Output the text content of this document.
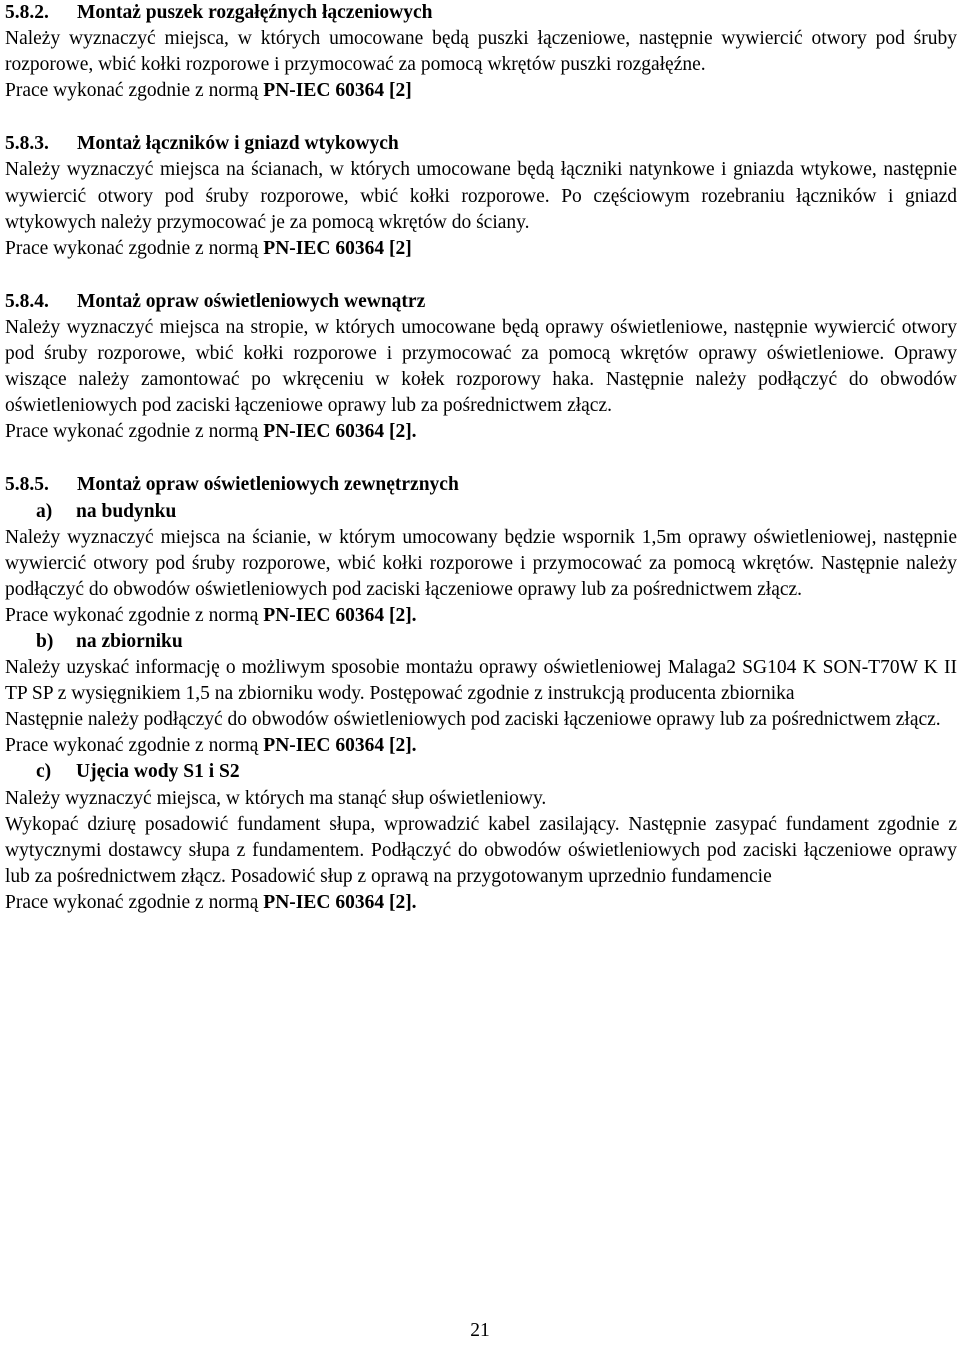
5.8.2. Montaż puszek rozgałęźnych łączeniowych

Należy wyznaczyć miejsca, w których umocowane będą puszki łączeniowe, następnie wywiercić otwory pod śruby rozporowe, wbić kołki rozporowe i przymocować za pomocą wkrętów puszki rozgałęźne.

Prace wykonać zgodnie z normą PN-IEC 60364 [2]
5.8.3. Montaż łączników i gniazd wtykowych

Należy wyznaczyć miejsca na ścianach, w których umocowane będą łączniki natynkowe i gniazda wtykowe, następnie wywiercić otwory pod śruby rozporowe, wbić kołki rozporowe. Po częściowym rozebraniu łączników i gniazd wtykowych należy przymocować je za pomocą wkrętów do ściany.

Prace wykonać zgodnie z normą PN-IEC 60364 [2]
5.8.4. Montaż opraw oświetleniowych wewnątrz

Należy wyznaczyć miejsca na stropie, w których umocowane będą oprawy oświetleniowe, następnie wywiercić otwory pod śruby rozporowe, wbić kołki rozporowe i przymocować za pomocą wkrętów oprawy oświetleniowe. Oprawy wiszące należy zamontować po wkręceniu w kołek rozporowy haka. Następnie należy podłączyć do obwodów oświetleniowych pod zaciski łączeniowe oprawy lub za pośrednictwem złącz.

Prace wykonać zgodnie z normą PN-IEC 60364 [2].
5.8.5. Montaż opraw oświetleniowych zewnętrznych
a) na budynku

Należy wyznaczyć miejsca na ścianie, w którym umocowany będzie wspornik 1,5m oprawy oświetleniowej, następnie wywiercić otwory pod śruby rozporowe, wbić kołki rozporowe i przymocować za pomocą wkrętów. Następnie należy podłączyć do obwodów oświetleniowych pod zaciski łączeniowe oprawy lub za pośrednictwem złącz.

Prace wykonać zgodnie z normą PN-IEC 60364 [2].
b) na zbiorniku

Należy uzyskać informację o możliwym sposobie montażu oprawy oświetleniowej Malaga2 SG104 K SON-T70W K II TP SP z wysięgnikiem 1,5 na zbiorniku wody. Postępować zgodnie z instrukcją producenta zbiornika

Następnie należy podłączyć do obwodów oświetleniowych pod zaciski łączeniowe oprawy lub za pośrednictwem złącz.

Prace wykonać zgodnie z normą PN-IEC 60364 [2].
c) Ujęcia wody S1 i S2

Należy wyznaczyć miejsca, w których ma stanąć słup oświetleniowy.

Wykopać dziurę posadowić fundament słupa, wprowadzić kabel zasilający. Następnie zasypać fundament zgodnie z wytycznymi dostawcy słupa z fundamentem. Podłączyć do obwodów oświetleniowych pod zaciski łączeniowe oprawy lub za pośrednictwem złącz. Posadowić słup z oprawą na przygotowanym uprzednio fundamencie

Prace wykonać zgodnie z normą PN-IEC 60364 [2].
21
